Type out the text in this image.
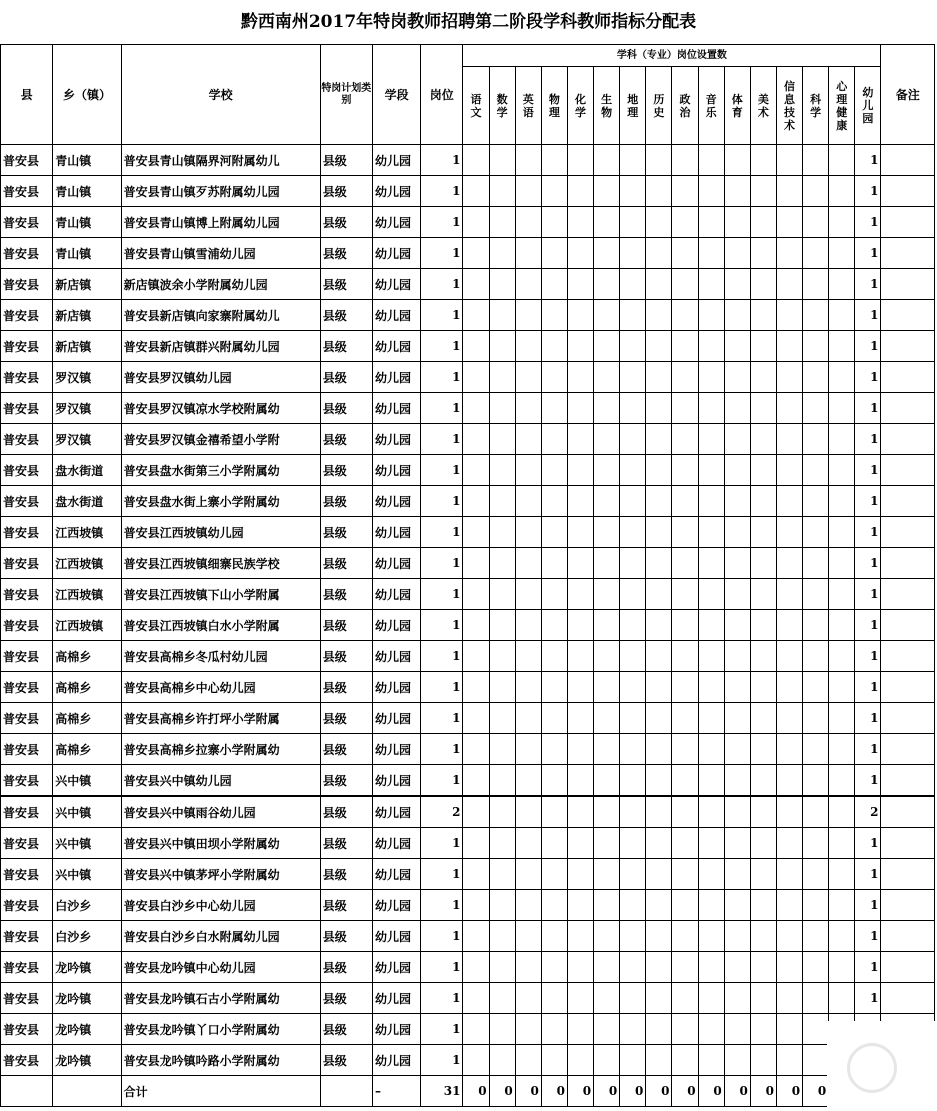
黔西南州2017年特岗教师招聘第二阶段学科教师指标分配表
县	乡（镇）	学校	特岗计划类别	学段	岗位	学科（专业）岗位设置数																备注
						语文	数学	英语	物理	化学	生物	地理	历史	政治	音乐	体育	美术	信息技术	科学	心理健康	幼儿园	
普安县	青山镇	普安县青山镇隔界河附属幼儿	县级	幼儿园	1																1	
普安县	青山镇	普安县青山镇歹苏附属幼儿园	县级	幼儿园	1																1	
普安县	青山镇	普安县青山镇博上附属幼儿园	县级	幼儿园	1																1	
普安县	青山镇	普安县青山镇雪浦幼儿园	县级	幼儿园	1																1	
普安县	新店镇	新店镇波余小学附属幼儿园	县级	幼儿园	1																1	
普安县	新店镇	普安县新店镇向家寨附属幼儿	县级	幼儿园	1																1	
普安县	新店镇	普安县新店镇群兴附属幼儿园	县级	幼儿园	1																1	
普安县	罗汉镇	普安县罗汉镇幼儿园	县级	幼儿园	1																1	
普安县	罗汉镇	普安县罗汉镇凉水学校附属幼	县级	幼儿园	1																1	
普安县	罗汉镇	普安县罗汉镇金禧希望小学附	县级	幼儿园	1																1	
普安县	盘水街道	普安县盘水街第三小学附属幼	县级	幼儿园	1																1	
普安县	盘水街道	普安县盘水街上寨小学附属幼	县级	幼儿园	1																1	
普安县	江西坡镇	普安县江西坡镇幼儿园	县级	幼儿园	1																1	
普安县	江西坡镇	普安县江西坡镇细寨民族学校	县级	幼儿园	1																1	
普安县	江西坡镇	普安县江西坡镇下山小学附属	县级	幼儿园	1																1	
普安县	江西坡镇	普安县江西坡镇白水小学附属	县级	幼儿园	1																1	
普安县	高棉乡	普安县高棉乡冬瓜村幼儿园	县级	幼儿园	1																1	
普安县	高棉乡	普安县高棉乡中心幼儿园	县级	幼儿园	1																1	
普安县	高棉乡	普安县高棉乡许打坪小学附属	县级	幼儿园	1																1	
普安县	高棉乡	普安县高棉乡拉寨小学附属幼	县级	幼儿园	1																1	
普安县	兴中镇	普安县兴中镇幼儿园	县级	幼儿园	1																1	
普安县	兴中镇	普安县兴中镇雨谷幼儿园	县级	幼儿园	2																2	
普安县	兴中镇	普安县兴中镇田坝小学附属幼	县级	幼儿园	1																1	
普安县	兴中镇	普安县兴中镇茅坪小学附属幼	县级	幼儿园	1																1	
普安县	白沙乡	普安县白沙乡中心幼儿园	县级	幼儿园	1																1	
普安县	白沙乡	普安县白沙乡白水附属幼儿园	县级	幼儿园	1																1	
普安县	龙吟镇	普安县龙吟镇中心幼儿园	县级	幼儿园	1																1	
普安县	龙吟镇	普安县龙吟镇石古小学附属幼	县级	幼儿园	1																1	
普安县	龙吟镇	普安县龙吟镇丫口小学附属幼	县级	幼儿园	1																	
普安县	龙吟镇	普安县龙吟镇吟路小学附属幼	县级	幼儿园	1																	
		合计		–	31	0	0	0	0	0	0	0	0	0	0	0	0	0	0			
